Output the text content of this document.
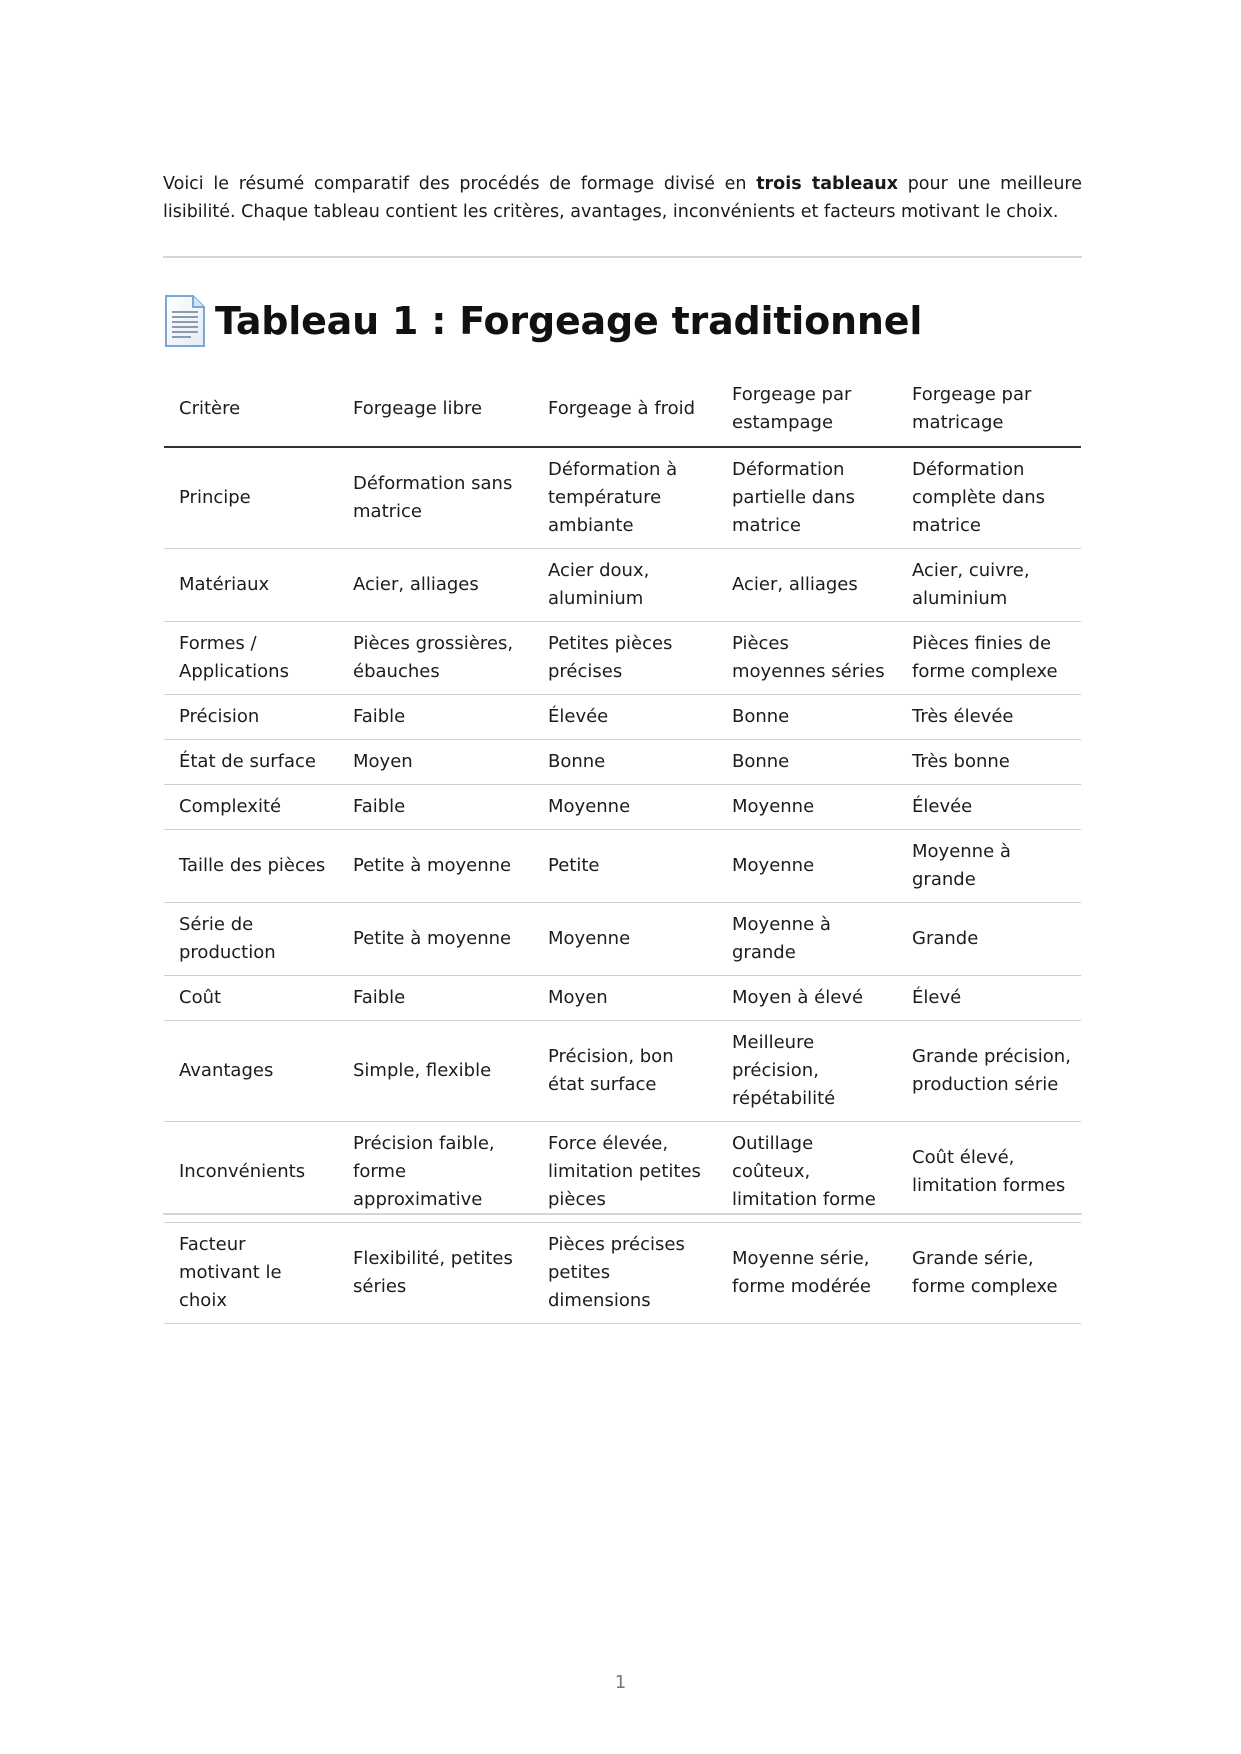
Voici le résumé comparatif des procédés de formage divisé en trois tableaux pour une meilleure lisibilité. Chaque tableau contient les critères, avantages, inconvénients et facteurs motivant le choix.

Tableau 1 : Forgeage traditionnel
Critère	Forgeage libre	Forgeage à froid	Forgeage par estampage	Forgeage par matricage
Principe	Déformation sans matrice	Déformation à température ambiante	Déformation partielle dans matrice	Déformation complète dans matrice
Matériaux	Acier, alliages	Acier doux, aluminium	Acier, alliages	Acier, cuivre, aluminium
Formes / Applications	Pièces grossières, ébauches	Petites pièces précises	Pièces moyennes séries	Pièces finies de forme complexe
Précision	Faible	Élevée	Bonne	Très élevée
État de surface	Moyen	Bonne	Bonne	Très bonne
Complexité	Faible	Moyenne	Moyenne	Élevée
Taille des pièces	Petite à moyenne	Petite	Moyenne	Moyenne à grande
Série de production	Petite à moyenne	Moyenne	Moyenne à grande	Grande
Coût	Faible	Moyen	Moyen à élevé	Élevé
Avantages	Simple, flexible	Précision, bon état surface	Meilleure précision, répétabilité	Grande précision, production série
Inconvénients	Précision faible, forme approximative	Force élevée, limitation petites pièces	Outillage coûteux, limitation forme	Coût élevé, limitation formes
Facteur motivant le choix	Flexibilité, petites séries	Pièces précises petites dimensions	Moyenne série, forme modérée	Grande série, forme complexe
1
